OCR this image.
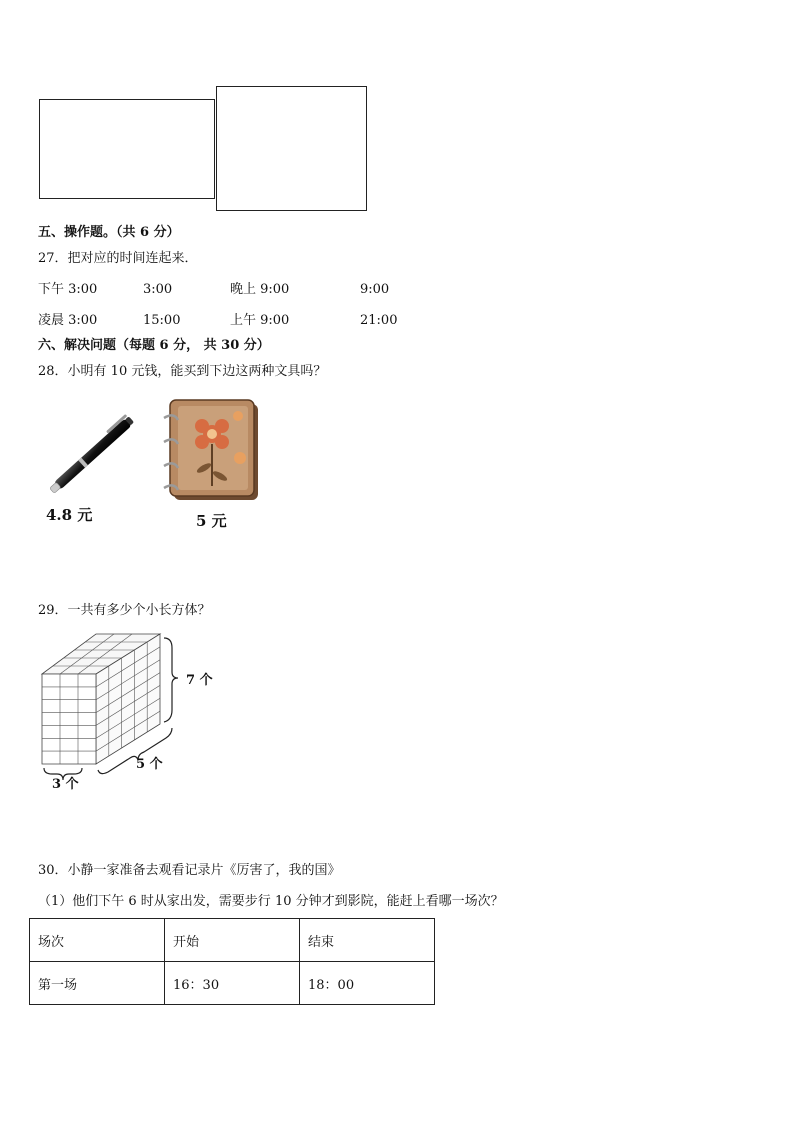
五、操作题。（共 6 分）
27．把对应的时间连起来．
下午 3:00	3:00	晚上 9:00	9:00
凌晨 3:00	15:00	上午 9:00	21:00
六、解决问题（每题 6 分， 共 30 分）
28．小明有 10 元钱，能买到下边这两种文具吗？
4.8 元	5 元
29．一共有多少个小长方体？
7 个
5 个
3 个
30．小静一家准备去观看记录片《厉害了，我的国》
（1）他们下午 6 时从家出发，需要步行 10 分钟才到影院，能赶上看哪一场次？
场次	开始	结束
第一场	16：30	18：00
